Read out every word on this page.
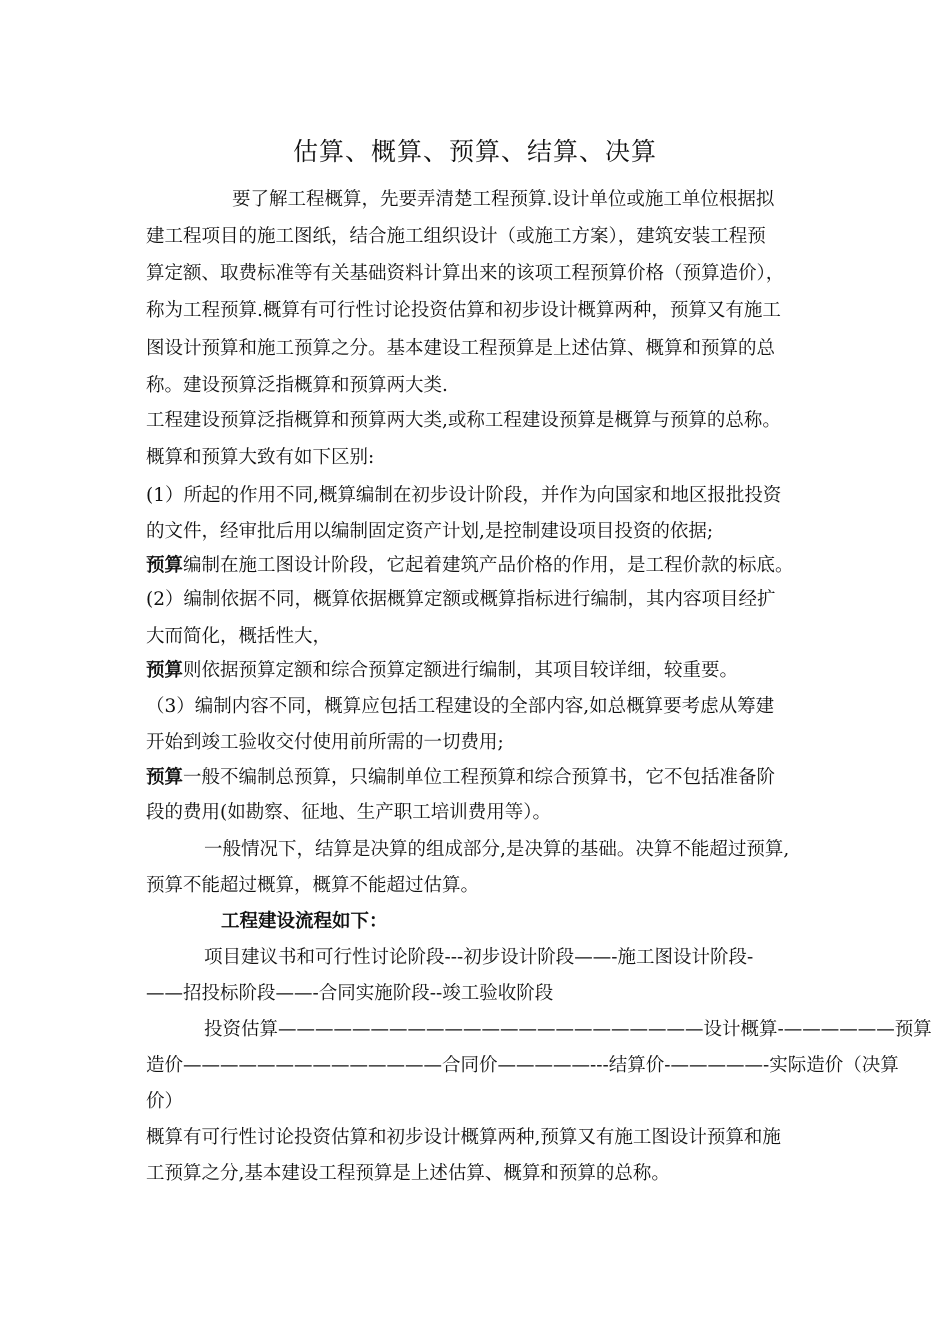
估算、概算、预算、结算、决算

要了解工程概算，先要弄清楚工程预算.设计单位或施工单位根据拟

建工程项目的施工图纸，结合施工组织设计（或施工方案），建筑安装工程预

算定额、取费标准等有关基础资料计算出来的该项工程预算价格（预算造价），

称为工程预算.概算有可行性讨论投资估算和初步设计概算两种，预算又有施工

图设计预算和施工预算之分。基本建设工程预算是上述估算、概算和预算的总

称。建设预算泛指概算和预算两大类.

工程建设预算泛指概算和预算两大类,或称工程建设预算是概算与预算的总称。

概算和预算大致有如下区别:

(1）所起的作用不同,概算编制在初步设计阶段，并作为向国家和地区报批投资

的文件，经审批后用以编制固定资产计划,是控制建设项目投资的依据;

预算编制在施工图设计阶段，它起着建筑产品价格的作用，是工程价款的标底。

(2）编制依据不同，概算依据概算定额或概算指标进行编制，其内容项目经扩

大而简化，概括性大，

预算则依据预算定额和综合预算定额进行编制，其项目较详细，较重要。

（3）编制内容不同，概算应包括工程建设的全部内容,如总概算要考虑从筹建

开始到竣工验收交付使用前所需的一切费用;

预算一般不编制总预算，只编制单位工程预算和综合预算书，它不包括准备阶

段的费用(如勘察、征地、生产职工培训费用等）。

一般情况下，结算是决算的组成部分,是决算的基础。决算不能超过预算,

预算不能超过概算，概算不能超过估算。

工程建设流程如下：

项目建议书和可行性讨论阶段---初步设计阶段——-施工图设计阶段-

——招投标阶段——-合同实施阶段--竣工验收阶段

投资估算———————————————————————设计概算-——————预算

造价——————————————合同价—————---结算价-—————-实际造价（决算

价）

概算有可行性讨论投资估算和初步设计概算两种,预算又有施工图设计预算和施

工预算之分,基本建设工程预算是上述估算、概算和预算的总称。
